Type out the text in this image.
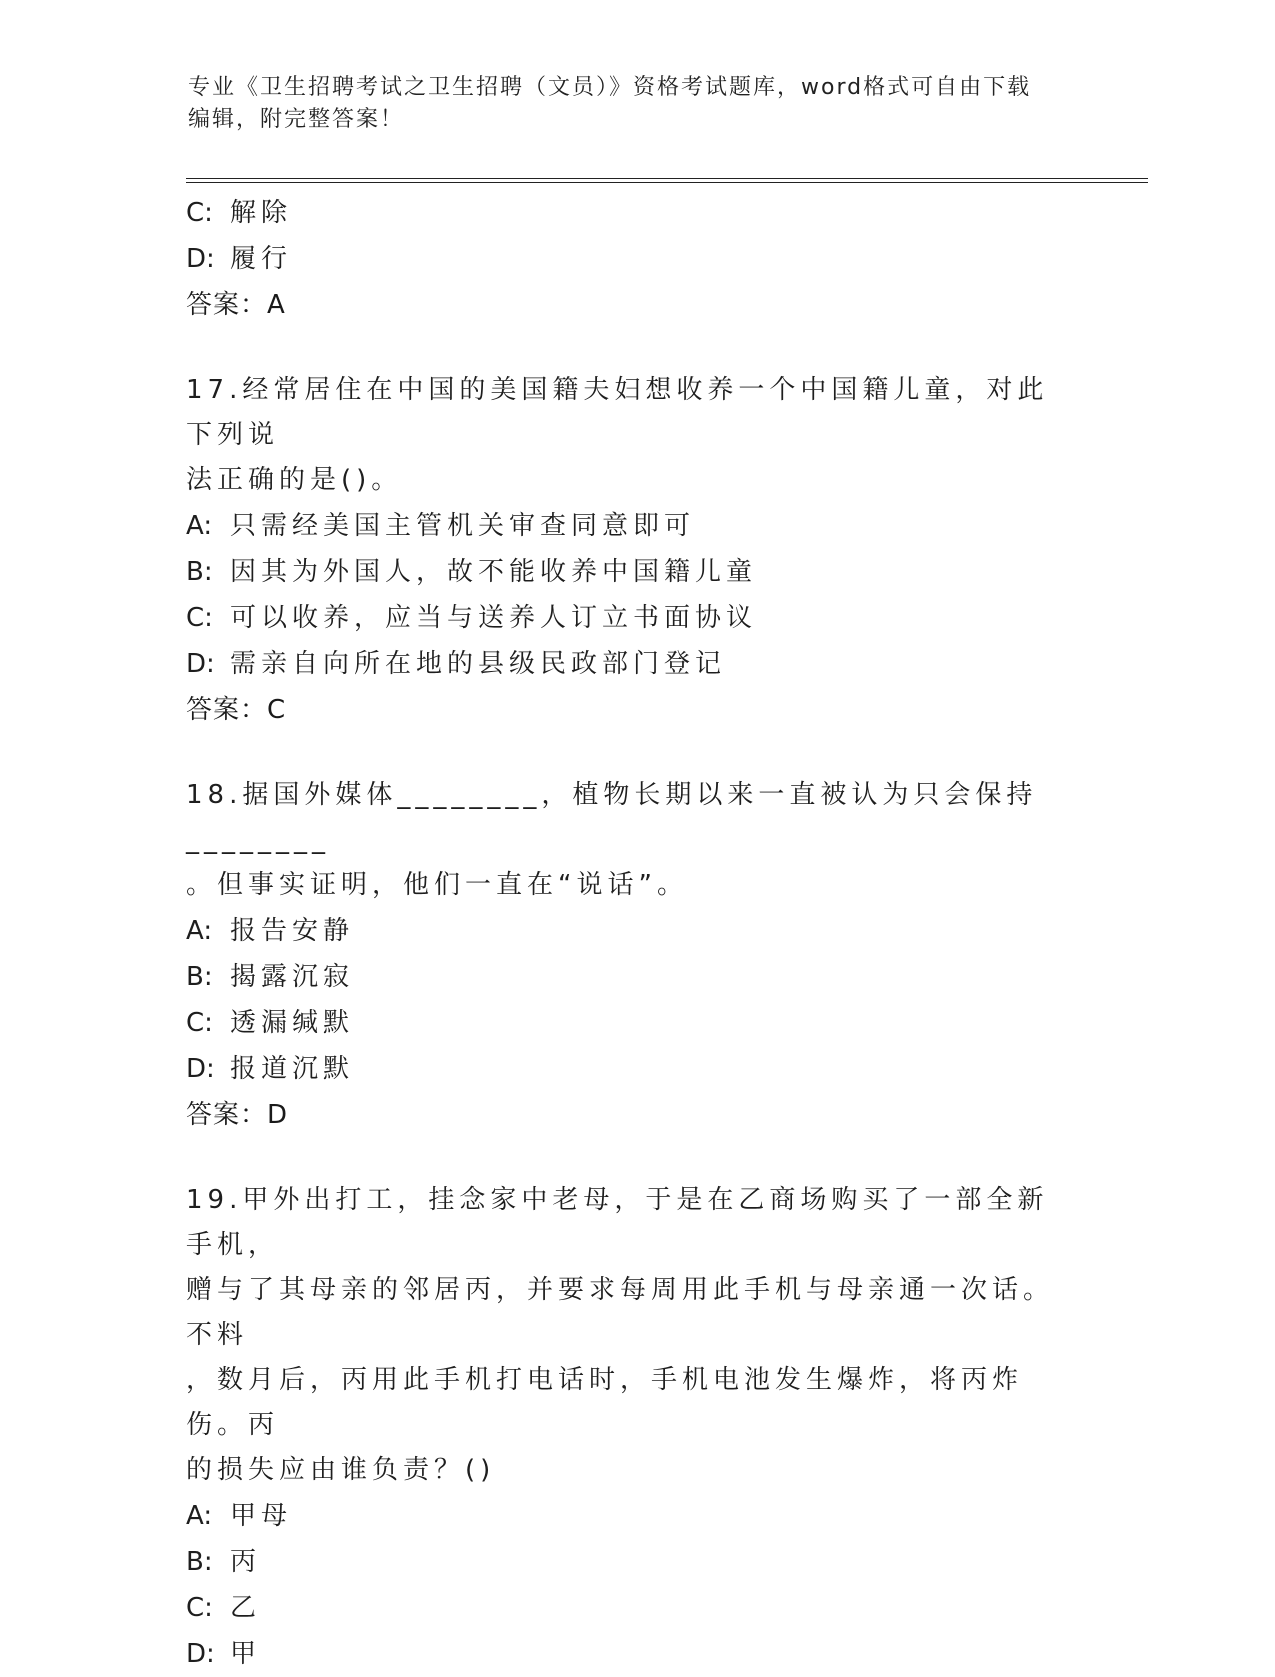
专业《卫生招聘考试之卫生招聘（文员）》资格考试题库，word格式可自由下载
编辑，附完整答案！
C: 解除
D: 履行
答案：A
17.经常居住在中国的美国籍夫妇想收养一个中国籍儿童，对此下列说
法正确的是()。
A: 只需经美国主管机关审查同意即可
B: 因其为外国人，故不能收养中国籍儿童
C: 可以收养，应当与送养人订立书面协议
D: 需亲自向所在地的县级民政部门登记
答案：C
18.据国外媒体________，植物长期以来一直被认为只会保持________
。但事实证明，他们一直在“说话”。
A: 报告安静
B: 揭露沉寂
C: 透漏缄默
D: 报道沉默
答案：D
19.甲外出打工，挂念家中老母，于是在乙商场购买了一部全新手机，
赠与了其母亲的邻居丙，并要求每周用此手机与母亲通一次话。不料
，数月后，丙用此手机打电话时，手机电池发生爆炸，将丙炸伤。丙
的损失应由谁负责？()
A: 甲母
B: 丙
C: 乙
D: 甲
